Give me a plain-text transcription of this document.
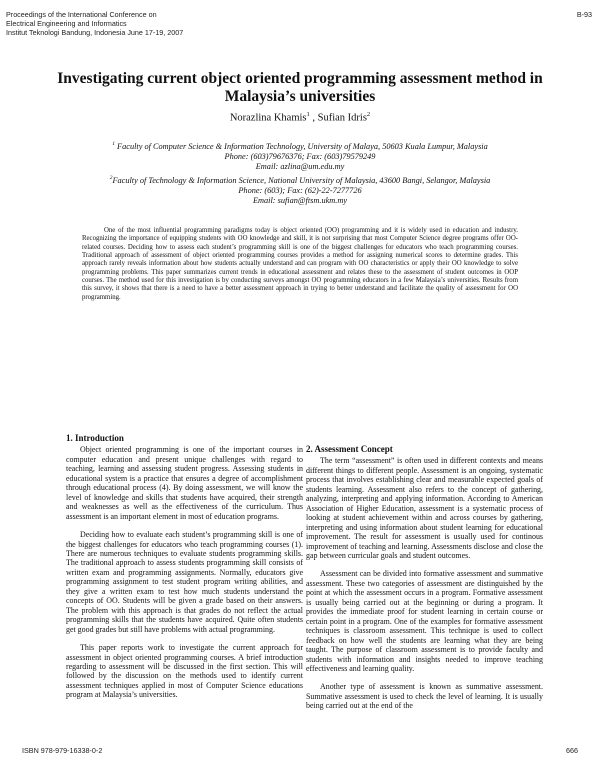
Proceedings of the International Conference on
Electrical Engineering and Informatics
Institut Teknologi Bandung, Indonesia June 17-19, 2007
B-93
Investigating current object oriented programming assessment method in
Malaysia’s universities
Norazlina Khamis$^1$ , Sufian Idris$^2$
$^1$ Faculty of Computer Science & Information Technology, University of Malaya, 50603 Kuala Lumpur, Malaysia
Phone: (603)79676376; Fax: (603)79579249
Email: azlina@um.edu.my
$^2$Faculty of Technology & Information Science, National University of Malaysia, 43600 Bangi, Selangor, Malaysia
Phone: (603); Fax: (62)-22-7277726
Email: sufian@ftsm.ukm.my

One of the most influential programming paradigms today is object oriented (OO) programming and it is widely used in education and industry. Recognizing the importance of equipping students with OO knowledge and skill, it is not surprising that most Computer Science degree programs offer OO-related courses. Deciding how to assess each student’s programming skill is one of the biggest challenges for educators who teach programming courses. Traditional approach of assessment of object oriented programming courses provides a method for assigning numerical scores to determine grades. This approach rarely reveals information about how students actually understand and can program with OO characteristics or apply their OO knowledge to solve programming problems. This paper summarizes current trends in educational assessment and relates these to the assessment of student outcomes in OOP courses. The method used for this investigation is by conducting surveys amongst OO programming educators in a few Malaysia’s universities. Results from this survey, it shows that there is a need to have a better assessment approach in trying to better understand and facilitate the quality of assessment for OO programming.

1. Introduction

Object oriented programming is one of the important courses in computer education and present unique challenges with regard to teaching, learning and assessing student progress. Assessing students in educational system is a practice that ensures a degree of accomplishment through educational process (4). By doing assessment, we will know the level of knowledge and skills that students have acquired, their strength and weaknesses as well as the effectiveness of the curriculum. Thus assessment is an important element in most of education programs.

Deciding how to evaluate each student’s programming skill is one of the biggest challenges for educators who teach programming courses (1). There are numerous techniques to evaluate students programming skills. The traditional approach to assess students programming skill consists of written exam and programming assignments. Normally, educators give programming assignment to test student program writing abilities, and they give a written exam to test how much students understand the concepts of OO. Students will be given a grade based on their answers. The problem with this approach is that grades do not reflect the actual programming skills that the students have acquired. Quite often students get good grades but still have problems with actual programming.

This paper reports work to investigate the current approach for assessment in object oriented programming courses. A brief introduction regarding to assessment will be discussed in the first section. This will followed by the discussion on the methods used to identify current assessment techniques applied in most of Computer Science educations program at Malaysia’s universities.

2. Assessment Concept

The term “assessment” is often used in different contexts and means different things to different people. Assessment is an ongoing, systematic process that involves establishing clear and measurable expected goals of students learning. Assessment also refers to the concept of gathering, analyzing, interpreting and applying information. According to American Association of Higher Education, assessment is a systematic process of looking at student achievement within and across courses by gathering, interpreting and using information about student learning for educational improvement. The result for assessment is usually used for continous improvement of teaching and learning. Assessments disclose and close the gap between curricular goals and student outcomes.

Assessment can be divided into formative assessment and summative assessment. These two categories of assessment are distinguished by the point at which the assessment occurs in a program. Formative assessment is usually being carried out at the beginning or during a program. It provides the immediate proof for student learning in certain course or certain point in a program. One of the examples for formative assessment techniques is classroom assessment. This technique is used to collect feedback on how well the students are learning what they are being taught. The purpose of classroom assessment is to provide faculty and students with information and insights needed to improve teaching effectiveness and learning quality.

Another type of assessment is known as summative assessment. Summative assessment is used to check the level of learning. It is usually being carried out at the end of the

ISBN 978-979-16338-0-2	666
